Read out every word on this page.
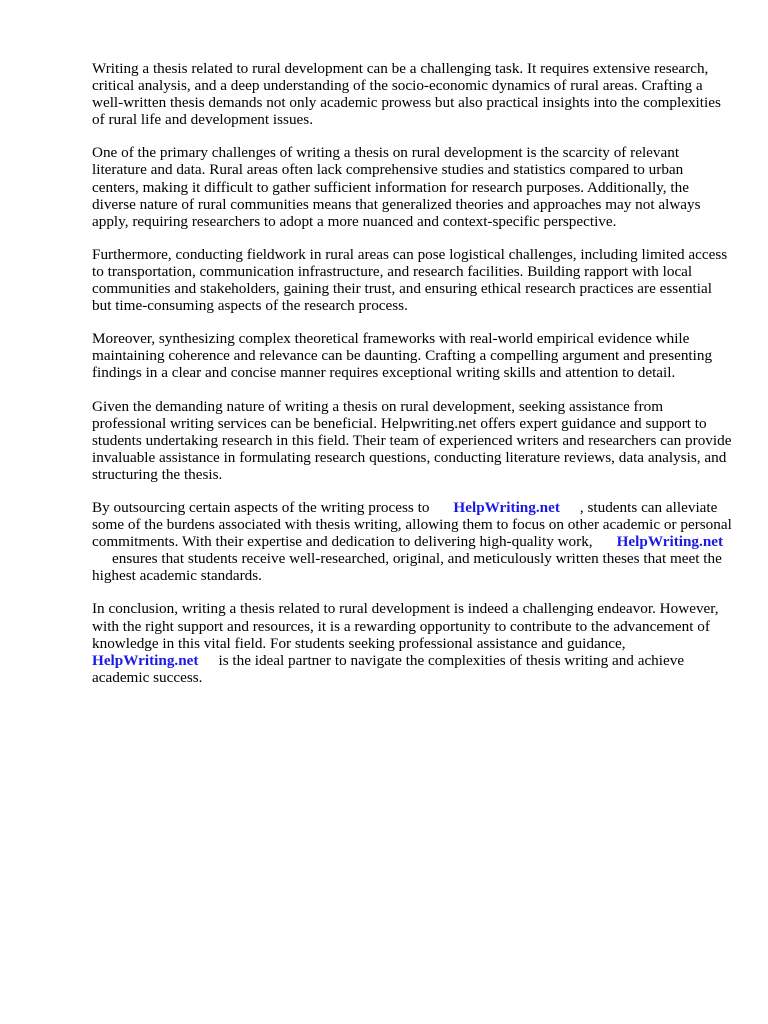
Writing a thesis related to rural development can be a challenging task. It requires extensive research, critical analysis, and a deep understanding of the socio-economic dynamics of rural areas. Crafting a well-written thesis demands not only academic prowess but also practical insights into the complexities of rural life and development issues.

One of the primary challenges of writing a thesis on rural development is the scarcity of relevant literature and data. Rural areas often lack comprehensive studies and statistics compared to urban centers, making it difficult to gather sufficient information for research purposes. Additionally, the diverse nature of rural communities means that generalized theories and approaches may not always apply, requiring researchers to adopt a more nuanced and context-specific perspective.

Furthermore, conducting fieldwork in rural areas can pose logistical challenges, including limited access to transportation, communication infrastructure, and research facilities. Building rapport with local communities and stakeholders, gaining their trust, and ensuring ethical research practices are essential but time-consuming aspects of the research process.

Moreover, synthesizing complex theoretical frameworks with real-world empirical evidence while maintaining coherence and relevance can be daunting. Crafting a compelling argument and presenting findings in a clear and concise manner requires exceptional writing skills and attention to detail.

Given the demanding nature of writing a thesis on rural development, seeking assistance from professional writing services can be beneficial. Helpwriting.net offers expert guidance and support to students undertaking research in this field. Their team of experienced writers and researchers can provide invaluable assistance in formulating research questions, conducting literature reviews, data analysis, and structuring the thesis.

By outsourcing certain aspects of the writing process to HelpWriting.net , students can alleviate some of the burdens associated with thesis writing, allowing them to focus on other academic or personal commitments. With their expertise and dedication to delivering high-quality work, HelpWriting.netensures that students receive well-researched, original, and meticulously written theses that meet the highest academic standards.

In conclusion, writing a thesis related to rural development is indeed a challenging endeavor. However, with the right support and resources, it is a rewarding opportunity to contribute to the advancement of knowledge in this vital field. For students seeking professional assistance and guidance,HelpWriting.net is the ideal partner to navigate the complexities of thesis writing and achieve academic success.
